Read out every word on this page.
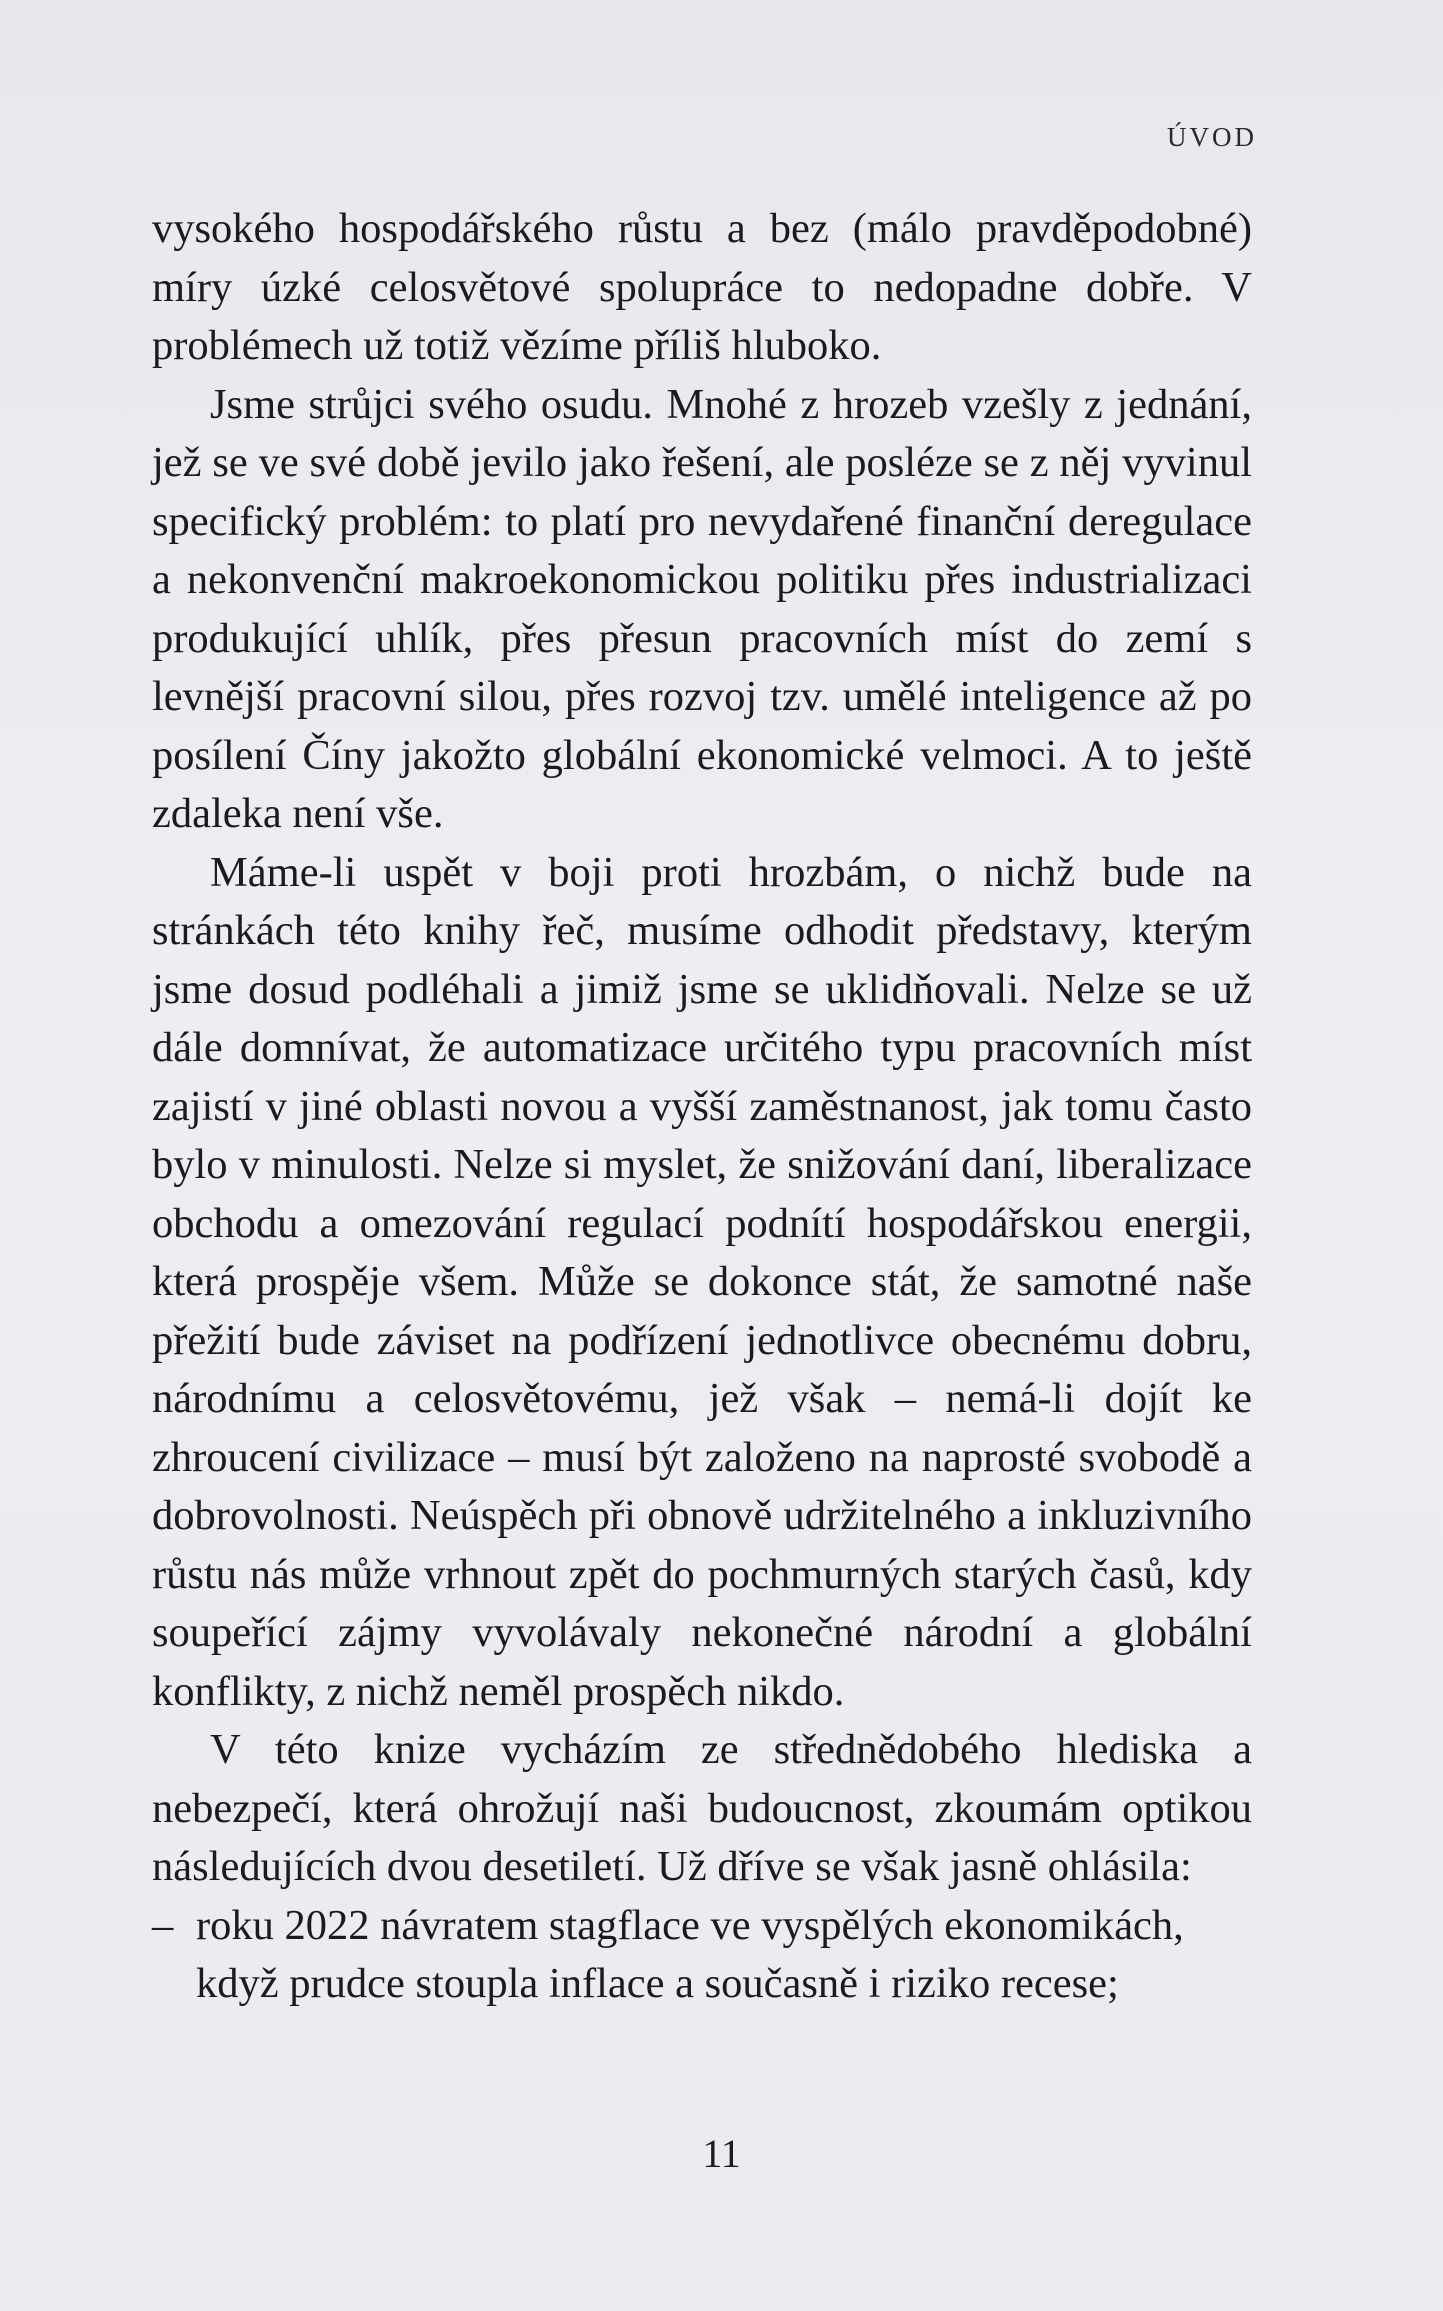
ÚVOD

vysokého hospodářského růstu a bez (málo pravděpodobné) míry úzké celosvětové spolupráce to nedopadne dobře. V problémech už totiž vězíme příliš hluboko.

Jsme strůjci svého osudu. Mnohé z hrozeb vzešly z jednání, jež se ve své době jevilo jako řešení, ale posléze se z něj vyvinul specifický problém: to platí pro nevydařené finanční deregulace a nekonvenční makroekonomickou politiku přes industrializaci produkující uhlík, přes přesun pracovních míst do zemí s levnější pracovní silou, přes rozvoj tzv. umělé inteligence až po posílení Číny jakožto globální ekonomické velmoci. A to ještě zdaleka není vše.

Máme-li uspět v boji proti hrozbám, o nichž bude na stránkách této knihy řeč, musíme odhodit představy, kterým jsme dosud podléhali a jimiž jsme se uklidňovali. Nelze se už dále domnívat, že automatizace určitého typu pracovních míst zajistí v jiné oblasti novou a vyšší zaměstnanost, jak tomu často bylo v minulosti. Nelze si myslet, že snižování daní, liberalizace obchodu a omezování regulací podnítí hospodářskou energii, která prospěje všem. Může se dokonce stát, že samotné naše přežití bude záviset na podřízení jednotlivce obecnému dobru, národnímu a celosvětovému, jež však – nemá-li dojít ke zhroucení civilizace – musí být založeno na naprosté svobodě a dobrovolnosti. Neúspěch při obnově udržitelného a inkluzivního růstu nás může vrhnout zpět do pochmurných starých časů, kdy soupeřící zájmy vyvolávaly nekonečné národní a globální konflikty, z nichž neměl prospěch nikdo.

V této knize vycházím ze střednědobého hlediska a nebezpečí, která ohrožují naši budoucnost, zkoumám optikou následujících dvou desetiletí. Už dříve se však jasně ohlásila:

– roku 2022 návratem stagflace ve vyspělých ekonomikách, když prudce stoupla inflace a současně i riziko recese;
11
